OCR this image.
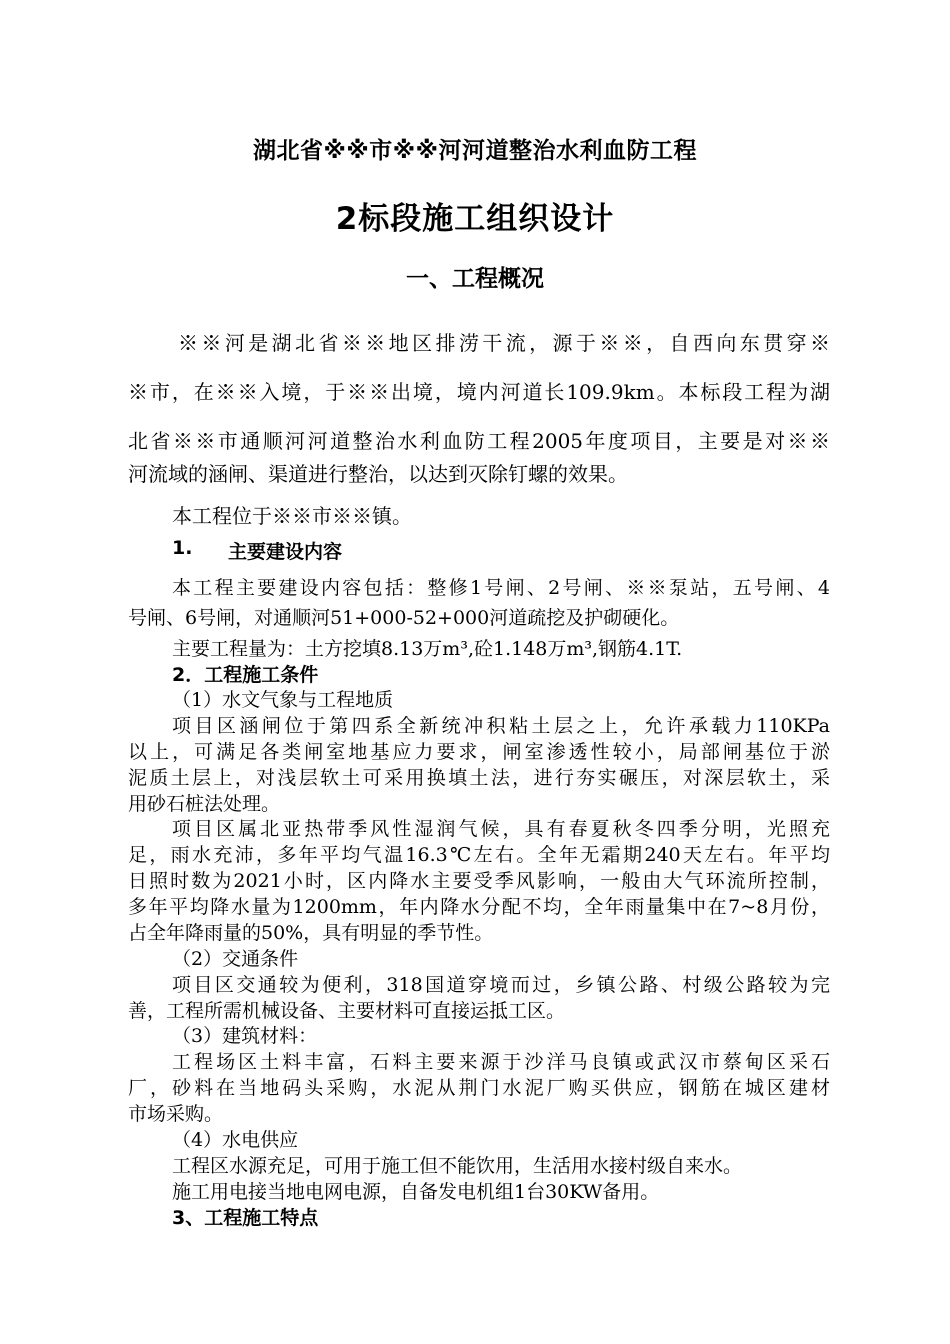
湖北省※※市※※河河道整治水利血防工程
2标段施工组织设计
一、工程概况
※※河是湖北省※※地区排涝干流，源于※※，自西向东贯穿※
※市，在※※入境，于※※出境，境内河道长109.9km。本标段工程为湖
北省※※市通顺河河道整治水利血防工程2005年度项目，主要是对※※
河流域的涵闸、渠道进行整治，以达到灭除钉螺的效果。
本工程位于※※市※※镇。
1.	主要建设内容
本工程主要建设内容包括：整修1号闸、2号闸、※※泵站，五号闸、4
号闸、6号闸，对通顺河51+000-52+000河道疏挖及护砌硬化。
主要工程量为：土方挖填8.13万m³,砼1.148万m³,钢筋4.1T.
2．工程施工条件
（1）水文气象与工程地质
项目区涵闸位于第四系全新统冲积粘土层之上，允许承载力110KPa
以上，可满足各类闸室地基应力要求，闸室渗透性较小，局部闸基位于淤
泥质土层上，对浅层软土可采用换填土法，进行夯实碾压，对深层软土，采
用砂石桩法处理。
项目区属北亚热带季风性湿润气候，具有春夏秋冬四季分明，光照充
足，雨水充沛，多年平均气温16.3℃左右。全年无霜期240天左右。年平均
日照时数为2021小时，区内降水主要受季风影响，一般由大气环流所控制，
多年平均降水量为1200mm，年内降水分配不均，全年雨量集中在7~8月份，
占全年降雨量的50%，具有明显的季节性。
（2）交通条件
项目区交通较为便利，318国道穿境而过，乡镇公路、村级公路较为完
善，工程所需机械设备、主要材料可直接运抵工区。
（3）建筑材料：
工程场区土料丰富，石料主要来源于沙洋马良镇或武汉市蔡甸区采石
厂，砂料在当地码头采购，水泥从荆门水泥厂购买供应，钢筋在城区建材
市场采购。
（4）水电供应
工程区水源充足，可用于施工但不能饮用，生活用水接村级自来水。
施工用电接当地电网电源，自备发电机组1台30KW备用。
3、工程施工特点
